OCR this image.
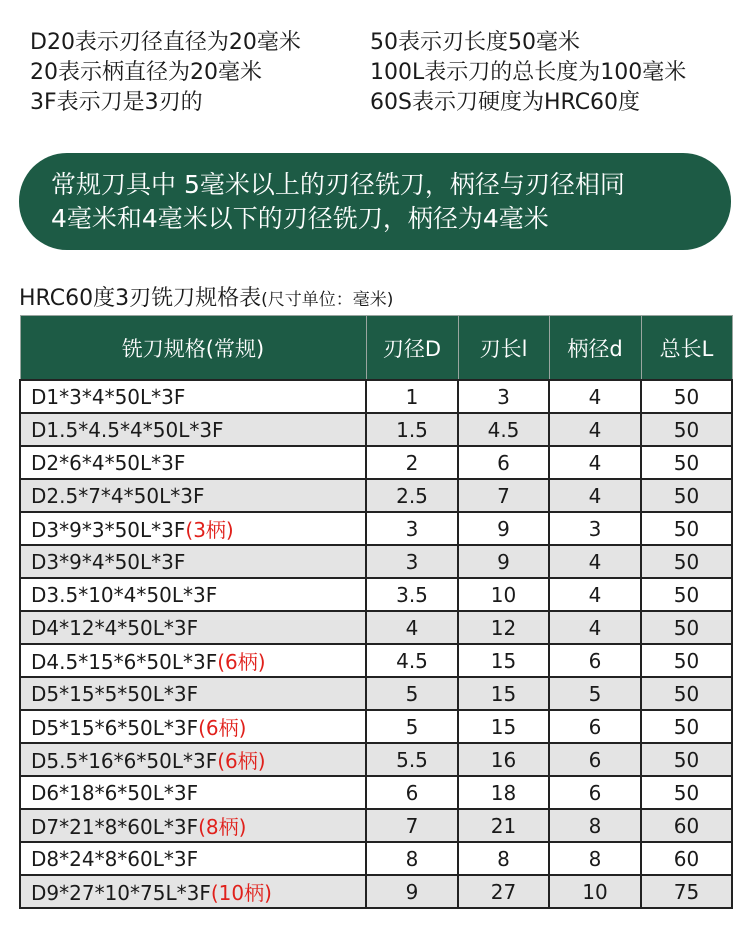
D20表示刃径直径为20毫米	50表示刃长度50毫米
20表示柄直径为20毫米	100L表示刀的总长度为100毫米
3F表示刀是3刃的	60S表示刀硬度为HRC60度
常规刀具中 5毫米以上的刃径铣刀，柄径与刃径相同
4毫米和4毫米以下的刃径铣刀，柄径为4毫米
HRC60度3刃铣刀规格表(尺寸单位：毫米)
铣刀规格(常规)	刃径D	刃长l	柄径d	总长L
D1*3*4*50L*3F	1	3	4	50
D1.5*4.5*4*50L*3F	1.5	4.5	4	50
D2*6*4*50L*3F	2	6	4	50
D2.5*7*4*50L*3F	2.5	7	4	50
D3*9*3*50L*3F(3柄)	3	9	3	50
D3*9*4*50L*3F	3	9	4	50
D3.5*10*4*50L*3F	3.5	10	4	50
D4*12*4*50L*3F	4	12	4	50
D4.5*15*6*50L*3F(6柄)	4.5	15	6	50
D5*15*5*50L*3F	5	15	5	50
D5*15*6*50L*3F(6柄)	5	15	6	50
D5.5*16*6*50L*3F(6柄)	5.5	16	6	50
D6*18*6*50L*3F	6	18	6	50
D7*21*8*60L*3F(8柄)	7	21	8	60
D8*24*8*60L*3F	8	8	8	60
D9*27*10*75L*3F(10柄)	9	27	10	75
